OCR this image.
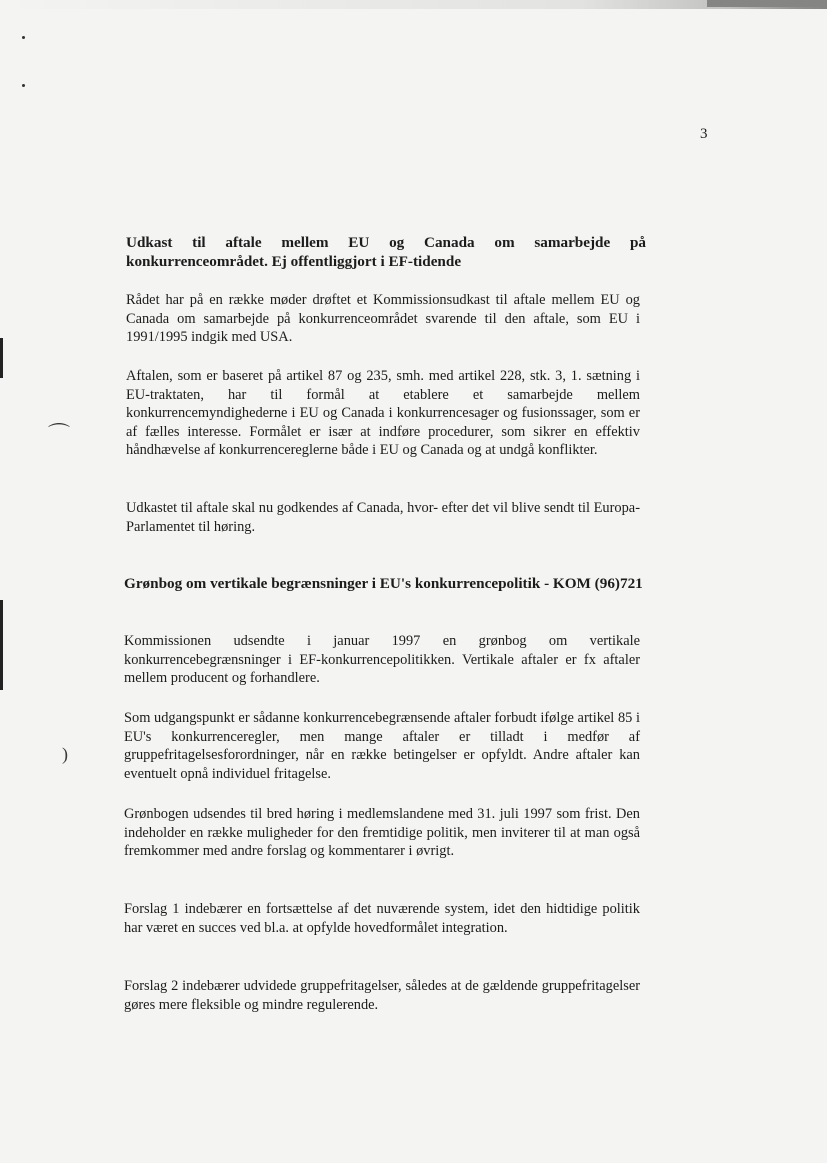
⌒
)
3
Udkast til aftale mellem EU og Canada om samarbejde på konkurrenceområdet. Ej offentliggjort i EF-tidende

Rådet har på en række møder drøftet et Kommissionsudkast til aftale mellem EU og Canada om samarbejde på konkurrenceområdet svarende til den aftale, som EU i 1991/1995 indgik med USA.

Aftalen, som er baseret på artikel 87 og 235, smh. med artikel 228, stk. 3, 1. sætning i EU-traktaten, har til formål at etablere et samarbejde mellem konkurrencemyndighederne i EU og Canada i konkurrencesager og fusionssager, som er af fælles interesse. Formålet er især at indføre procedurer, som sikrer en effektiv håndhævelse af konkurrencereglerne både i EU og Canada og at undgå konflikter.

Udkastet til aftale skal nu godkendes af Canada, hvor- efter det vil blive sendt til Europa-Parlamentet til høring.

Grønbog om vertikale begrænsninger i EU's konkurrencepolitik - KOM (96)721

Kommissionen udsendte i januar 1997 en grønbog om vertikale konkurrencebegrænsninger i EF-konkurrencepolitikken. Vertikale aftaler er fx aftaler mellem producent og forhandlere.

Som udgangspunkt er sådanne konkurrencebegrænsende aftaler forbudt ifølge artikel 85 i EU's konkurrenceregler, men mange aftaler er tilladt i medfør af gruppefritagelsesforordninger, når en række betingelser er opfyldt. Andre aftaler kan eventuelt opnå individuel fritagelse.

Grønbogen udsendes til bred høring i medlemslandene med 31. juli 1997 som frist. Den indeholder en række muligheder for den fremtidige politik, men inviterer til at man også fremkommer med andre forslag og kommentarer i øvrigt.

Forslag 1 indebærer en fortsættelse af det nuværende system, idet den hidtidige politik har været en succes ved bl.a. at opfylde hovedformålet integration.

Forslag 2 indebærer udvidede gruppefritagelser, således at de gældende gruppefritagelser gøres mere fleksible og mindre regulerende.
